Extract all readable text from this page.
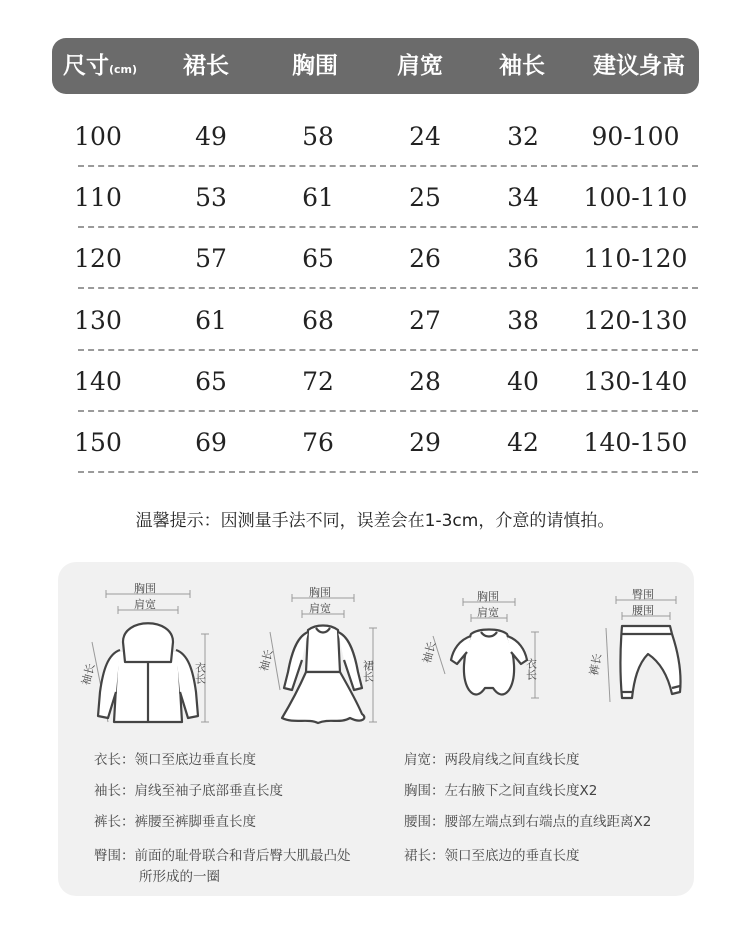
尺寸(cm)	裙长	胸围	肩宽	袖长	建议身高
100	49	58	24	32	90-100
110	53	61	25	34	100-110
120	57	65	26	36	110-120
130	61	68	27	38	120-130
140	65	72	28	40	130-140
150	69	76	29	42	140-150
温馨提示：因测量手法不同，误差会在1-3cm，介意的请慎拍。
胸围
肩宽
袖长	衣长
胸围
肩宽
袖长	裙长
胸围
肩宽
袖长
衣长
臀围
腰围
裤长
衣长：领口至底边垂直长度
袖长：肩线至袖子底部垂直长度
裤长：裤腰至裤脚垂直长度
臀围：前面的耻骨联合和背后臀大肌最凸处
所形成的一圈
肩宽：两段肩线之间直线长度
胸围：左右腋下之间直线长度X2
腰围：腰部左端点到右端点的直线距离X2
裙长：领口至底边的垂直长度
